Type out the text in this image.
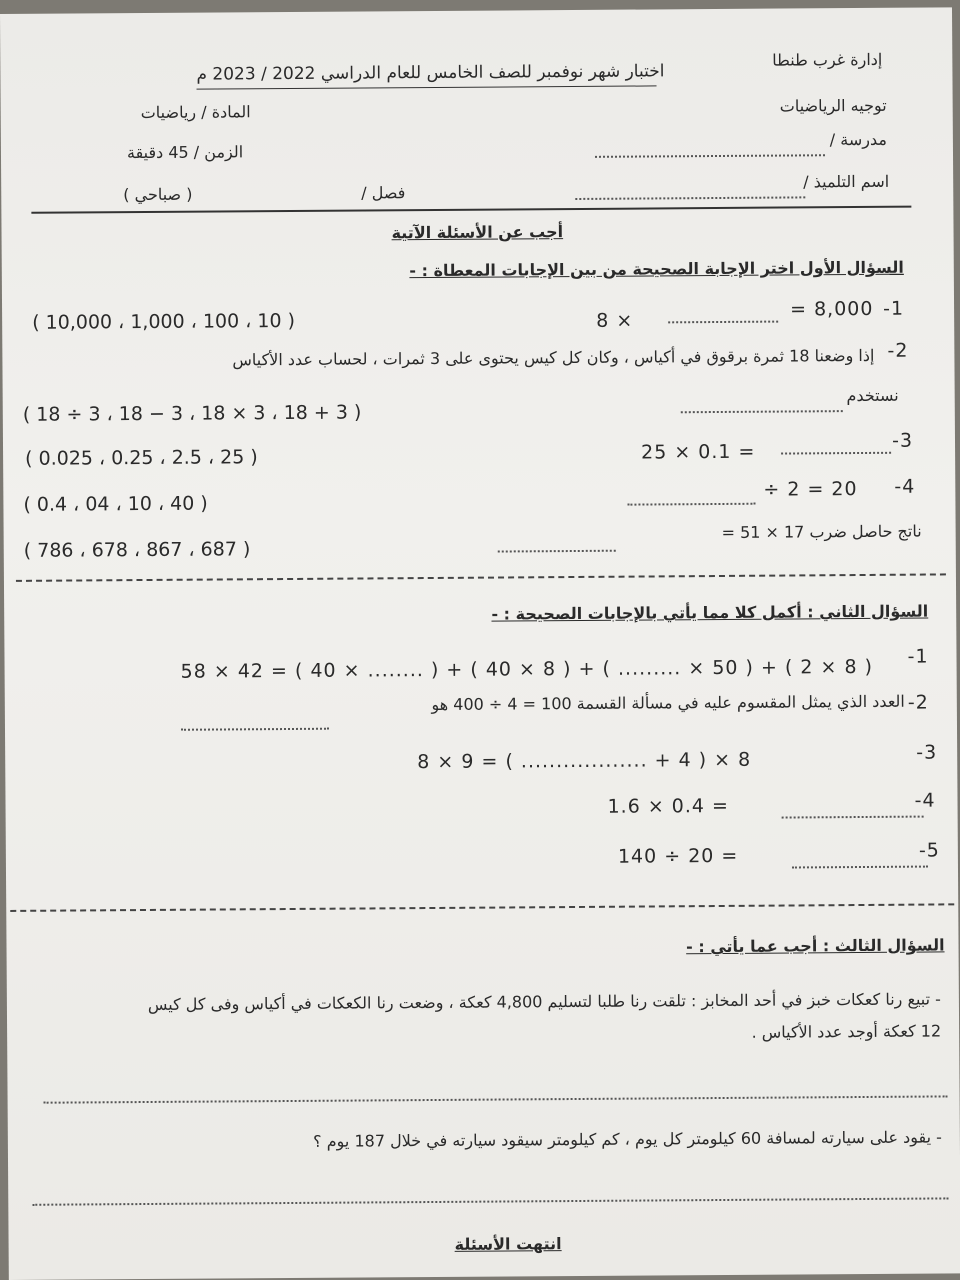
إدارة غرب طنطا
اختبار شهر نوفمبر للصف الخامس للعام الدراسي 2022 / 2023 م
توجيه الرياضيات
المادة / رياضيات
مدرسة /
الزمن / 45 دقيقة
اسم التلميذ /
فصل /
( صباحي )
أجب عن الأسئلة الآتية
السؤال الأول اختر الإجابة الصحيحة من بين الإجابات المعطاة : -
-1
= 8,000
8 ×
( 10,000 ، 1,000 ، 100 ، 10 )
-2
إذا وضعنا 18 ثمرة برقوق في أكياس ، وكان كل كيس يحتوى على 3 ثمرات ، لحساب عدد الأكياس
نستخدم
( 18 ÷ 3 ، 18 − 3 ، 18 × 3 ، 18 + 3 )
-3
25 × 0.1 =
( 0.025 ، 0.25 ، 2.5 ، 25 )
-4
÷ 2 = 20
( 0.4 ، 04 ، 10 ، 40 )
ناتج حاصل ضرب 17 × 51 =
( 786 ، 678 ، 867 ، 687 )
السؤال الثاني : أكمل كلا مما يأتي بالإجابات الصحيحة : -
58 × 42 = ( 40 × ........ ) + ( 40 × 8 ) + ( ......... × 50 ) + ( 2 × 8 ) -1
العدد الذي يمثل المقسوم عليه في مسألة القسمة 100 = 4 ÷ 400 هو -2
8 × 9 = ( .................. + 4 ) × 8	-3
1.6 × 0.4 =	-4
140 ÷ 20 =	-5
السؤال الثالث : أجب عما يأتي : -
- تبيع رنا كعكات خبز في أحد المخابز : تلقت رنا طلبا لتسليم 4,800 كعكة ، وضعت رنا الكعكات في أكياس وفى كل كيس
12 كعكة أوجد عدد الأكياس .
- يقود على سيارته لمسافة 60 كيلومتر كل يوم ، كم كيلومتر سيقود سيارته في خلال 187 يوم ؟
انتهت الأسئلة
